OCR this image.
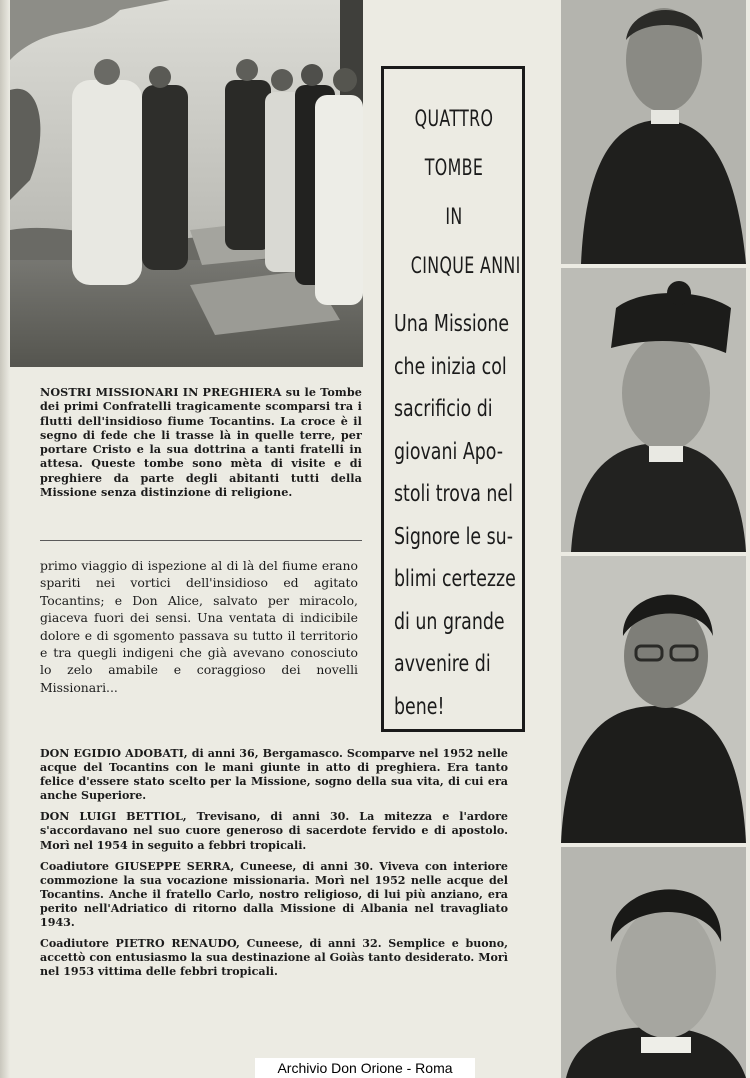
NOSTRI MISSIONARI IN PREGHIERA su le Tombe dei primi Confratelli tragicamente scomparsi tra i flutti dell'insidioso fiume Tocantins. La croce è il segno di fede che li trasse là in quelle terre, per portare Cristo e la sua dottrina a tanti fratelli in attesa. Queste tombe sono mèta di visite e di preghiere da parte degli abitanti tutti della Missione senza distinzione di religione.
primo viaggio di ispezione al di là del fiume erano spariti nei vortici dell'insidioso ed agitato Tocantins; e Don Alice, salvato per miracolo, giaceva fuori dei sensi. Una ventata di indicibile dolore e di sgomento passava su tutto il territorio e tra quegli indigeni che già avevano conosciuto lo zelo amabile e coraggioso dei novelli Missionari...
QUATTRO
TOMBE
IN
CINQUE ANNI!
Una Missione
che inizia col
sacrificio di
giovani Apo-
stoli trova nel
Signore le su-
blimi certezze
di un grande
avvenire di
bene!

DON EGIDIO ADOBATI, di anni 36, Bergamasco. Scomparve nel 1952 nelle acque del Tocantins con le mani giunte in atto di preghiera. Era tanto felice d'essere stato scelto per la Missione, sogno della sua vita, di cui era anche Superiore.

DON LUIGI BETTIOL, Trevisano, di anni 30. La mitezza e l'ardore s'accordavano nel suo cuore generoso di sacerdote fervido e di apostolo. Morì nel 1954 in seguito a febbri tropicali.

Coadiutore GIUSEPPE SERRA, Cuneese, di anni 30. Viveva con interiore commozione la sua vocazione missionaria. Morì nel 1952 nelle acque del Tocantins. Anche il fratello Carlo, nostro religioso, di lui più anziano, era perito nell'Adriatico di ritorno dalla Missione di Albania nel travagliato 1943.

Coadiutore PIETRO RENAUDO, Cuneese, di anni 32. Semplice e buono, accettò con entusiasmo la sua destinazione al Goiàs tanto desiderato. Morì nel 1953 vittima delle febbri tropicali.

Archivio Don Orione - Roma
